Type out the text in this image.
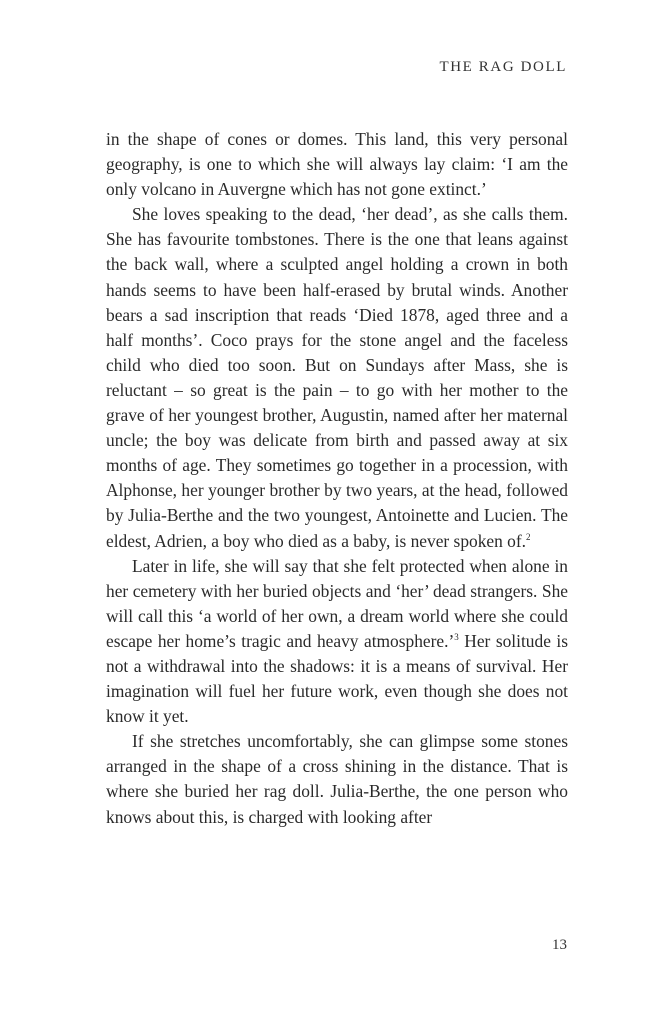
THE RAG DOLL

in the shape of cones or domes. This land, this very personal geography, is one to which she will always lay claim: ‘I am the only volcano in Auvergne which has not gone extinct.’

She loves speaking to the dead, ‘her dead’, as she calls them. She has favourite tombstones. There is the one that leans against the back wall, where a sculpted angel holding a crown in both hands seems to have been half-erased by brutal winds. Another bears a sad inscription that reads ‘Died 1878, aged three and a half months’. Coco prays for the stone angel and the faceless child who died too soon. But on Sundays after Mass, she is reluctant – so great is the pain – to go with her mother to the grave of her youngest brother, Augustin, named after her maternal uncle; the boy was delicate from birth and passed away at six months of age. They sometimes go together in a procession, with Alphonse, her younger brother by two years, at the head, followed by Julia-Berthe and the two youngest, Antoinette and Lucien. The eldest, Adrien, a boy who died as a baby, is never spoken of.$^2$

Later in life, she will say that she felt protected when alone in her cemetery with her buried objects and ‘her’ dead strangers. She will call this ‘a world of her own, a dream world where she could escape her home’s tragic and heavy atmosphere.’$^3$ Her solitude is not a withdrawal into the shadows: it is a means of survival. Her imagination will fuel her future work, even though she does not know it yet.

If she stretches uncomfortably, she can glimpse some stones arranged in the shape of a cross shining in the distance. That is where she buried her rag doll. Julia-Berthe, the one person who knows about this, is charged with looking after

13
